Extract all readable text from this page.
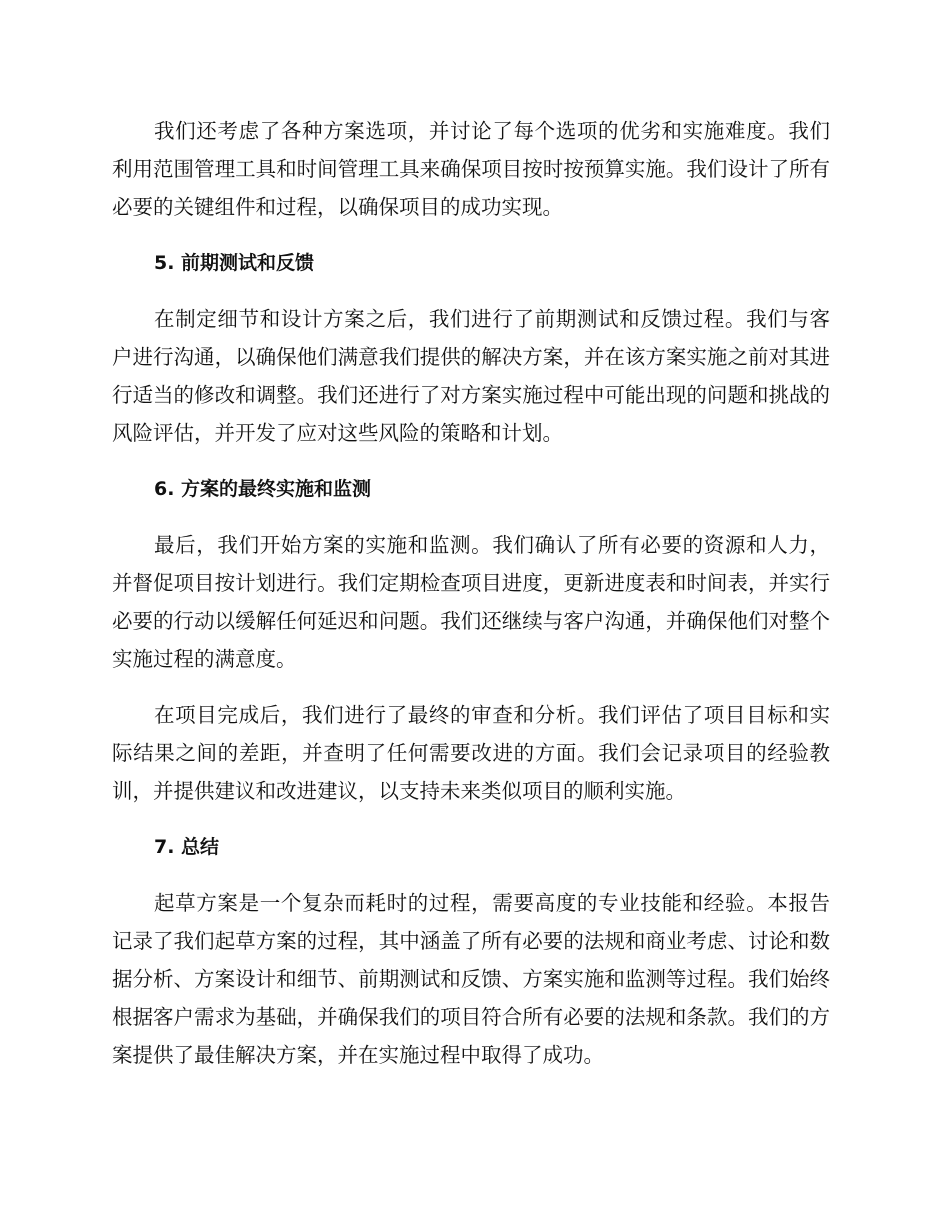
我们还考虑了各种方案选项，并讨论了每个选项的优劣和实施难度。我们利用范围管理工具和时间管理工具来确保项目按时按预算实施。我们设计了所有必要的关键组件和过程，以确保项目的成功实现。

5. 前期测试和反馈

在制定细节和设计方案之后，我们进行了前期测试和反馈过程。我们与客户进行沟通，以确保他们满意我们提供的解决方案，并在该方案实施之前对其进行适当的修改和调整。我们还进行了对方案实施过程中可能出现的问题和挑战的风险评估，并开发了应对这些风险的策略和计划。

6. 方案的最终实施和监测

最后，我们开始方案的实施和监测。我们确认了所有必要的资源和人力，并督促项目按计划进行。我们定期检查项目进度，更新进度表和时间表，并实行必要的行动以缓解任何延迟和问题。我们还继续与客户沟通，并确保他们对整个实施过程的满意度。

在项目完成后，我们进行了最终的审查和分析。我们评估了项目目标和实际结果之间的差距，并查明了任何需要改进的方面。我们会记录项目的经验教训，并提供建议和改进建议，以支持未来类似项目的顺利实施。

7. 总结

起草方案是一个复杂而耗时的过程，需要高度的专业技能和经验。本报告记录了我们起草方案的过程，其中涵盖了所有必要的法规和商业考虑、讨论和数据分析、方案设计和细节、前期测试和反馈、方案实施和监测等过程。我们始终根据客户需求为基础，并确保我们的项目符合所有必要的法规和条款。我们的方案提供了最佳解决方案，并在实施过程中取得了成功。
